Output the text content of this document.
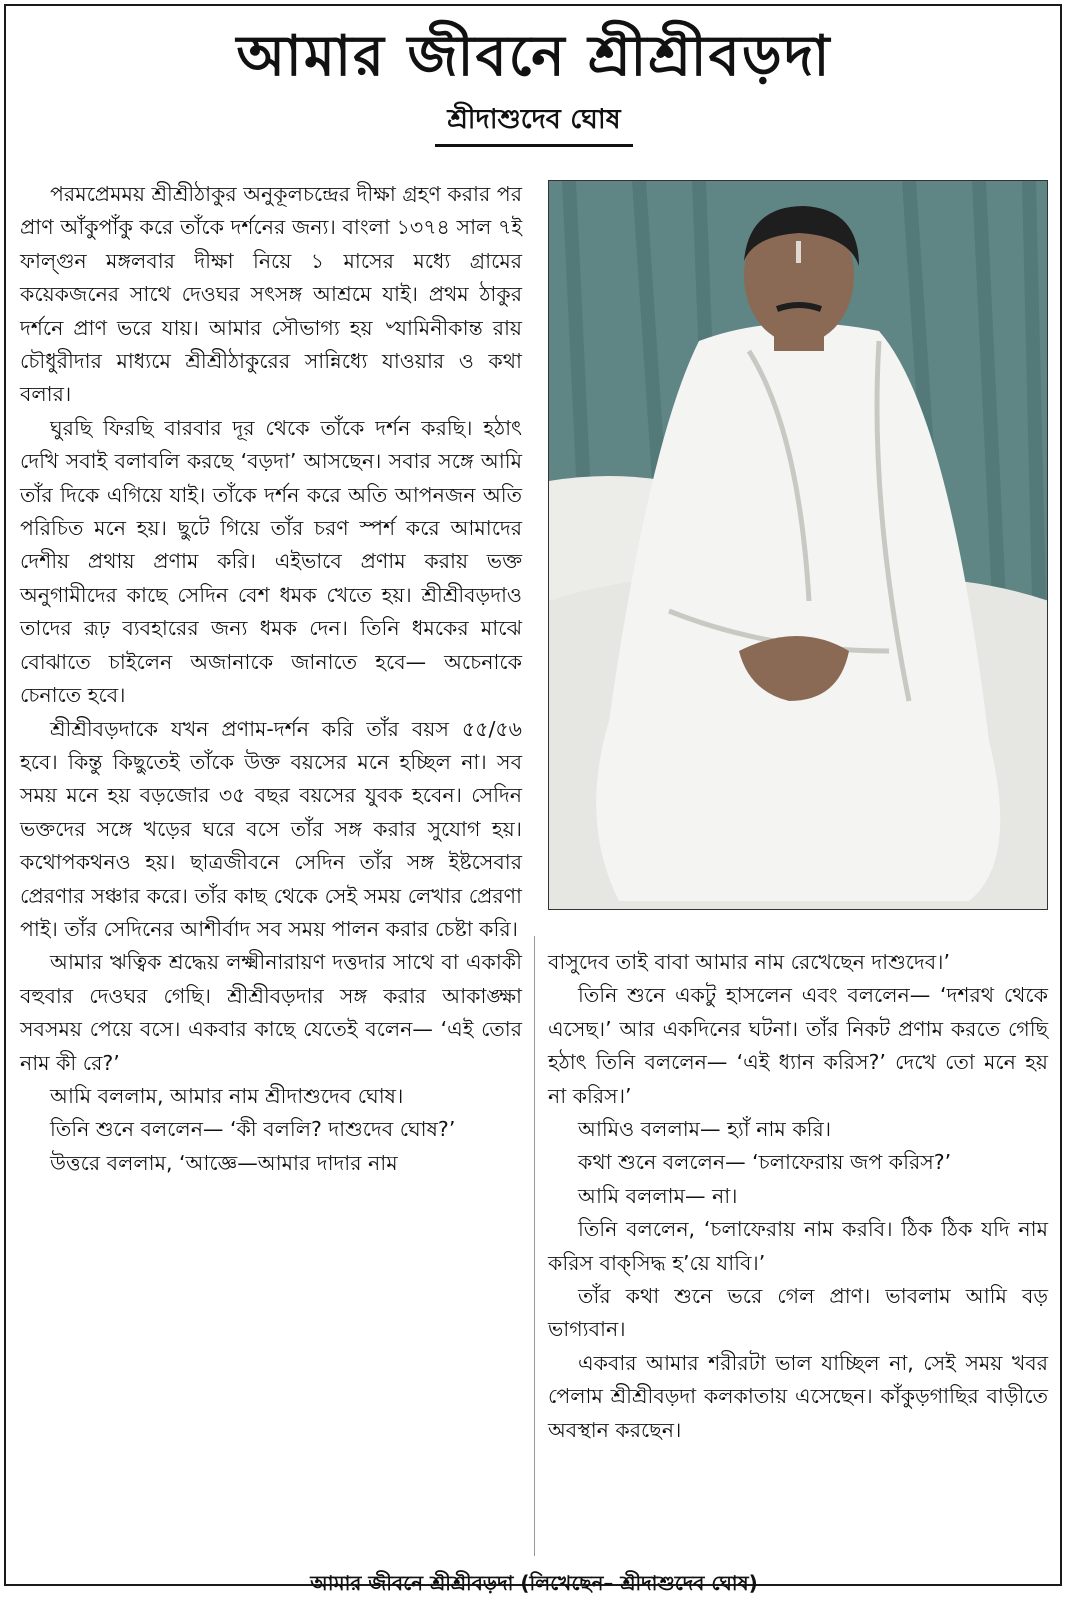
আমার জীবনে শ্রীশ্রীবড়দা
শ্রীদাশুদেব ঘোষ

পরমপ্রেমময় শ্রীশ্রীঠাকুর অনুকূলচন্দ্রের দীক্ষা গ্রহণ করার পর প্রাণ আঁকুপাঁকু করে তাঁকে দর্শনের জন্য। বাংলা ১৩৭৪ সাল ৭ই ফাল্গুন মঙ্গলবার দীক্ষা নিয়ে ১ মাসের মধ্যে গ্রামের কয়েকজনের সাথে দেওঘর সৎসঙ্গ আশ্রমে যাই। প্রথম ঠাকুর দর্শনে প্রাণ ভরে যায়। আমার সৌভাগ্য হয় ৺যামিনীকান্ত রায় চৌধুরীদার মাধ্যমে শ্রীশ্রীঠাকুরের সান্নিধ্যে যাওয়ার ও কথা বলার।

ঘুরছি ফিরছি বারবার দূর থেকে তাঁকে দর্শন করছি। হঠাৎ দেখি সবাই বলাবলি করছে ‘বড়দা’ আসছেন। সবার সঙ্গে আমি তাঁর দিকে এগিয়ে যাই। তাঁকে দর্শন করে অতি আপনজন অতি পরিচিত মনে হয়। ছুটে গিয়ে তাঁর চরণ স্পর্শ করে আমাদের দেশীয় প্রথায় প্রণাম করি। এইভাবে প্রণাম করায় ভক্ত অনুগামীদের কাছে সেদিন বেশ ধমক খেতে হয়। শ্রীশ্রীবড়দাও তাদের রূঢ় ব্যবহারের জন্য ধমক দেন। তিনি ধমকের মাঝে বোঝাতে চাইলেন অজানাকে জানাতে হবে— অচেনাকে চেনাতে হবে।

শ্রীশ্রীবড়দাকে যখন প্রণাম-দর্শন করি তাঁর বয়স ৫৫/৫৬ হবে। কিন্তু কিছুতেই তাঁকে উক্ত বয়সের মনে হচ্ছিল না। সব সময় মনে হয় বড়জোর ৩৫ বছর বয়সের যুবক হবেন। সেদিন ভক্তদের সঙ্গে খড়ের ঘরে বসে তাঁর সঙ্গ করার সুযোগ হয়। কথোপকথনও হয়। ছাত্রজীবনে সেদিন তাঁর সঙ্গ ইষ্টসেবার প্রেরণার সঞ্চার করে। তাঁর কাছ থেকে সেই সময় লেখার প্রেরণা পাই। তাঁর সেদিনের আশীর্বাদ সব সময় পালন করার চেষ্টা করি।

আমার ঋত্বিক শ্রদ্ধেয় লক্ষ্মীনারায়ণ দত্তদার সাথে বা একাকী বহুবার দেওঘর গেছি। শ্রীশ্রীবড়দার সঙ্গ করার আকাঙ্ক্ষা সবসময় পেয়ে বসে। একবার কাছে যেতেই বলেন— ‘এই তোর নাম কী রে?’

আমি বললাম, আমার নাম শ্রীদাশুদেব ঘোষ।

তিনি শুনে বললেন— ‘কী বললি? দাশুদেব ঘোষ?’

উত্তরে বললাম, ‘আজ্ঞে—আমার দাদার নাম

বাসুদেব তাই বাবা আমার নাম রেখেছেন দাশুদেব।’

তিনি শুনে একটু হাসলেন এবং বললেন— ‘দশরথ থেকে এসেছ।’ আর একদিনের ঘটনা। তাঁর নিকট প্রণাম করতে গেছি হঠাৎ তিনি বললেন— ‘এই ধ্যান করিস?’ দেখে তো মনে হয় না করিস।’

আমিও বললাম— হ্যাঁ নাম করি।

কথা শুনে বললেন— ‘চলাফেরায় জপ করিস?’

আমি বললাম— না।

তিনি বললেন, ‘চলাফেরায় নাম করবি। ঠিক ঠিক যদি নাম করিস বাক্‌সিদ্ধ হ’য়ে যাবি।’

তাঁর কথা শুনে ভরে গেল প্রাণ। ভাবলাম আমি বড় ভাগ্যবান।

একবার আমার শরীরটা ভাল যাচ্ছিল না, সেই সময় খবর পেলাম শ্রীশ্রীবড়দা কলকাতায় এসেছেন। কাঁকুড়গাছির বাড়ীতে অবস্থান করছেন।

আমার জীবনে শ্রীশ্রীবড়দা (লিখেছেন– শ্রীদাশুদেব ঘোষ)
